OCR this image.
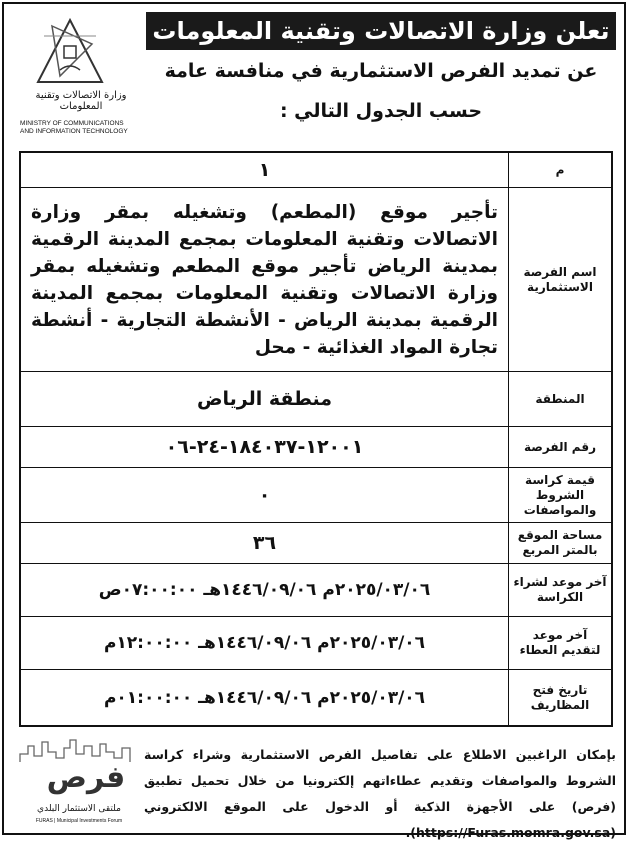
وزارة الاتصالات وتقنية المعلومات
MINISTRY OF COMMUNICATIONS
AND INFORMATION TECHNOLOGY
تعلن وزارة الاتصالات وتقنية المعلومات
عن تمديد الفرص الاستثمارية في منافسة عامة
حسب الجدول التالي :
م
١
اسم الفرصة الاستثمارية
تأجير موقع (المطعم) وتشغيله بمقر وزارة الاتصالات وتقنية المعلومات بمجمع المدينة الرقمية بمدينة الرياض تأجير موقع المطعم وتشغيله بمقر وزارة الاتصالات وتقنية المعلومات بمجمع المدينة الرقمية بمدينة الرياض - الأنشطة التجارية - أنشطة تجارة المواد الغذائية - محل
المنطقة
منطقة الرياض
رقم الفرصة
١٢٠٠١-١٨٤٠٣٧-٢٤-٠٦
قيمة كراسة الشروط والمواصفات
٠
مساحة الموقع بالمتر المربع
٣٦
آخر موعد لشراء الكراسة
٢٠٢٥/٠٣/٠٦م ١٤٤٦/٠٩/٠٦هـ ٠٧:٠٠:٠٠ص
آخر موعد لتقديم العطاء
٢٠٢٥/٠٣/٠٦م ١٤٤٦/٠٩/٠٦هـ ١٢:٠٠:٠٠م
تاريخ فتح المظاريف
٢٠٢٥/٠٣/٠٦م ١٤٤٦/٠٩/٠٦هـ ٠١:٠٠:٠٠م
فرص
ملتقى الاستثمار البلدي
FURAS | Municipal Investments Forum
بإمكان الراغبين الاطلاع على تفاصيل الفرص الاستثمارية وشراء كراسة الشروط والمواصفات وتقديم عطاءاتهم إلكترونيا من خلال تحميل تطبيق (فرص) على الأجهزة الذكية أو الدخول على الموقع الالكتروني (https://Furas.momra.gov.sa).
